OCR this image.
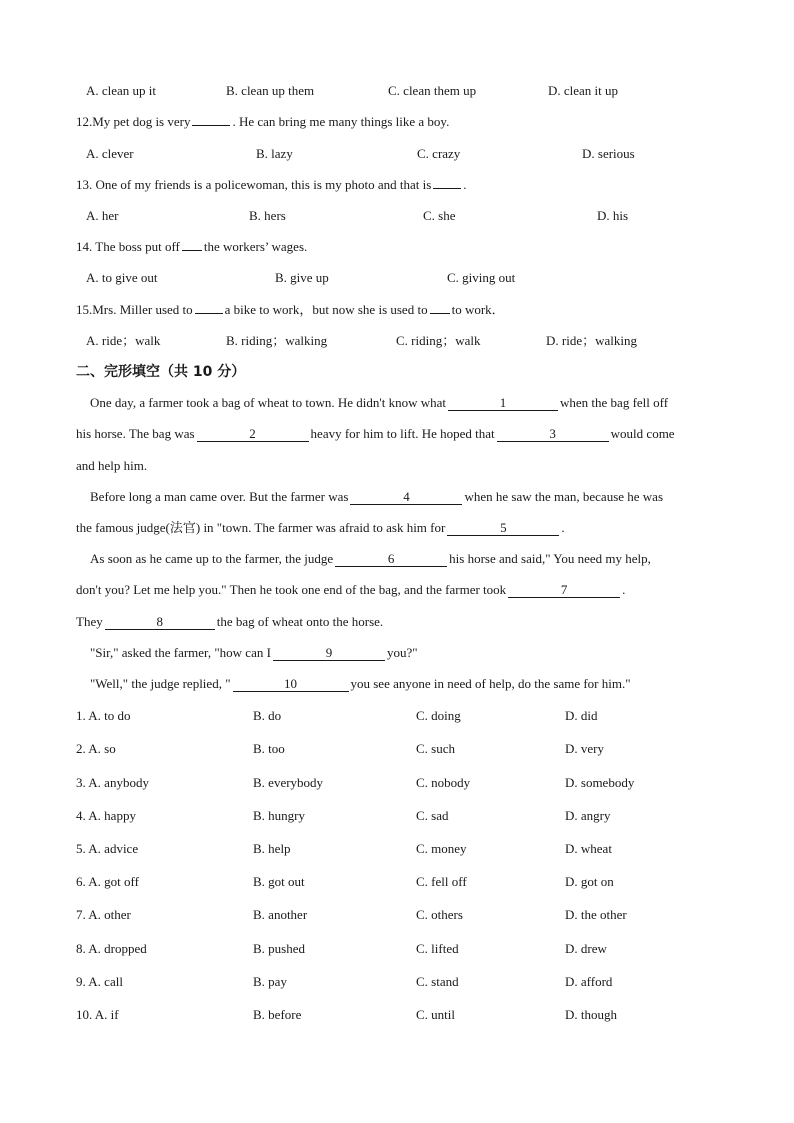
A. clean up it	B. clean up them	C. clean them up	D. clean it up
12.My pet dog is very	. He can bring me many things like a boy.
A. clever	B. lazy	C. crazy	D. serious
13. One of my friends is a policewoman, this is my photo and that is .
A. her	B. hers	C. she	D. his
14. The boss put off the workers’ wages.
A. to give out	B. give up	C. giving out
15.Mrs. Miller used to a bike to work，but now she is used to to work．
A. ride；walk	B. riding；walking	C. riding；walk	D. ride；walking
二、完形填空（共 10 分）
One day, a farmer took a bag of wheat to town. He didn't know what	1	when the bag fell off
his horse. The bag was	2	heavy for him to lift. He hoped that	3	would come
and help him.
Before long a man came over. But the farmer was	4	when he saw the man, because he was
the famous judge(法官) in "town. The farmer was afraid to ask him for	5	.
As soon as he came up to the farmer, the judge	6	his horse and said," You need my help,
don't you? Let me help you." Then he took one end of the bag, and the farmer took	7	.
They	8	the bag of wheat onto the horse.
"Sir," asked the farmer, "how can I	9	you?"
"Well," the judge replied, "	10	you see anyone in need of help, do the same for him."
1. A. to do	B. do	C. doing	D. did
2. A. so	B. too	C. such	D. very
3. A. anybody	B. everybody	C. nobody	D. somebody
4. A. happy	B. hungry	C. sad	D. angry
5. A. advice	B. help	C. money	D. wheat
6. A. got off	B. got out	C. fell off	D. got on
7. A. other	B. another	C. others	D. the other
8. A. dropped	B. pushed	C. lifted	D. drew
9. A. call	B. pay	C. stand	D. afford
10. A. if	B. before	C. until	D. though
